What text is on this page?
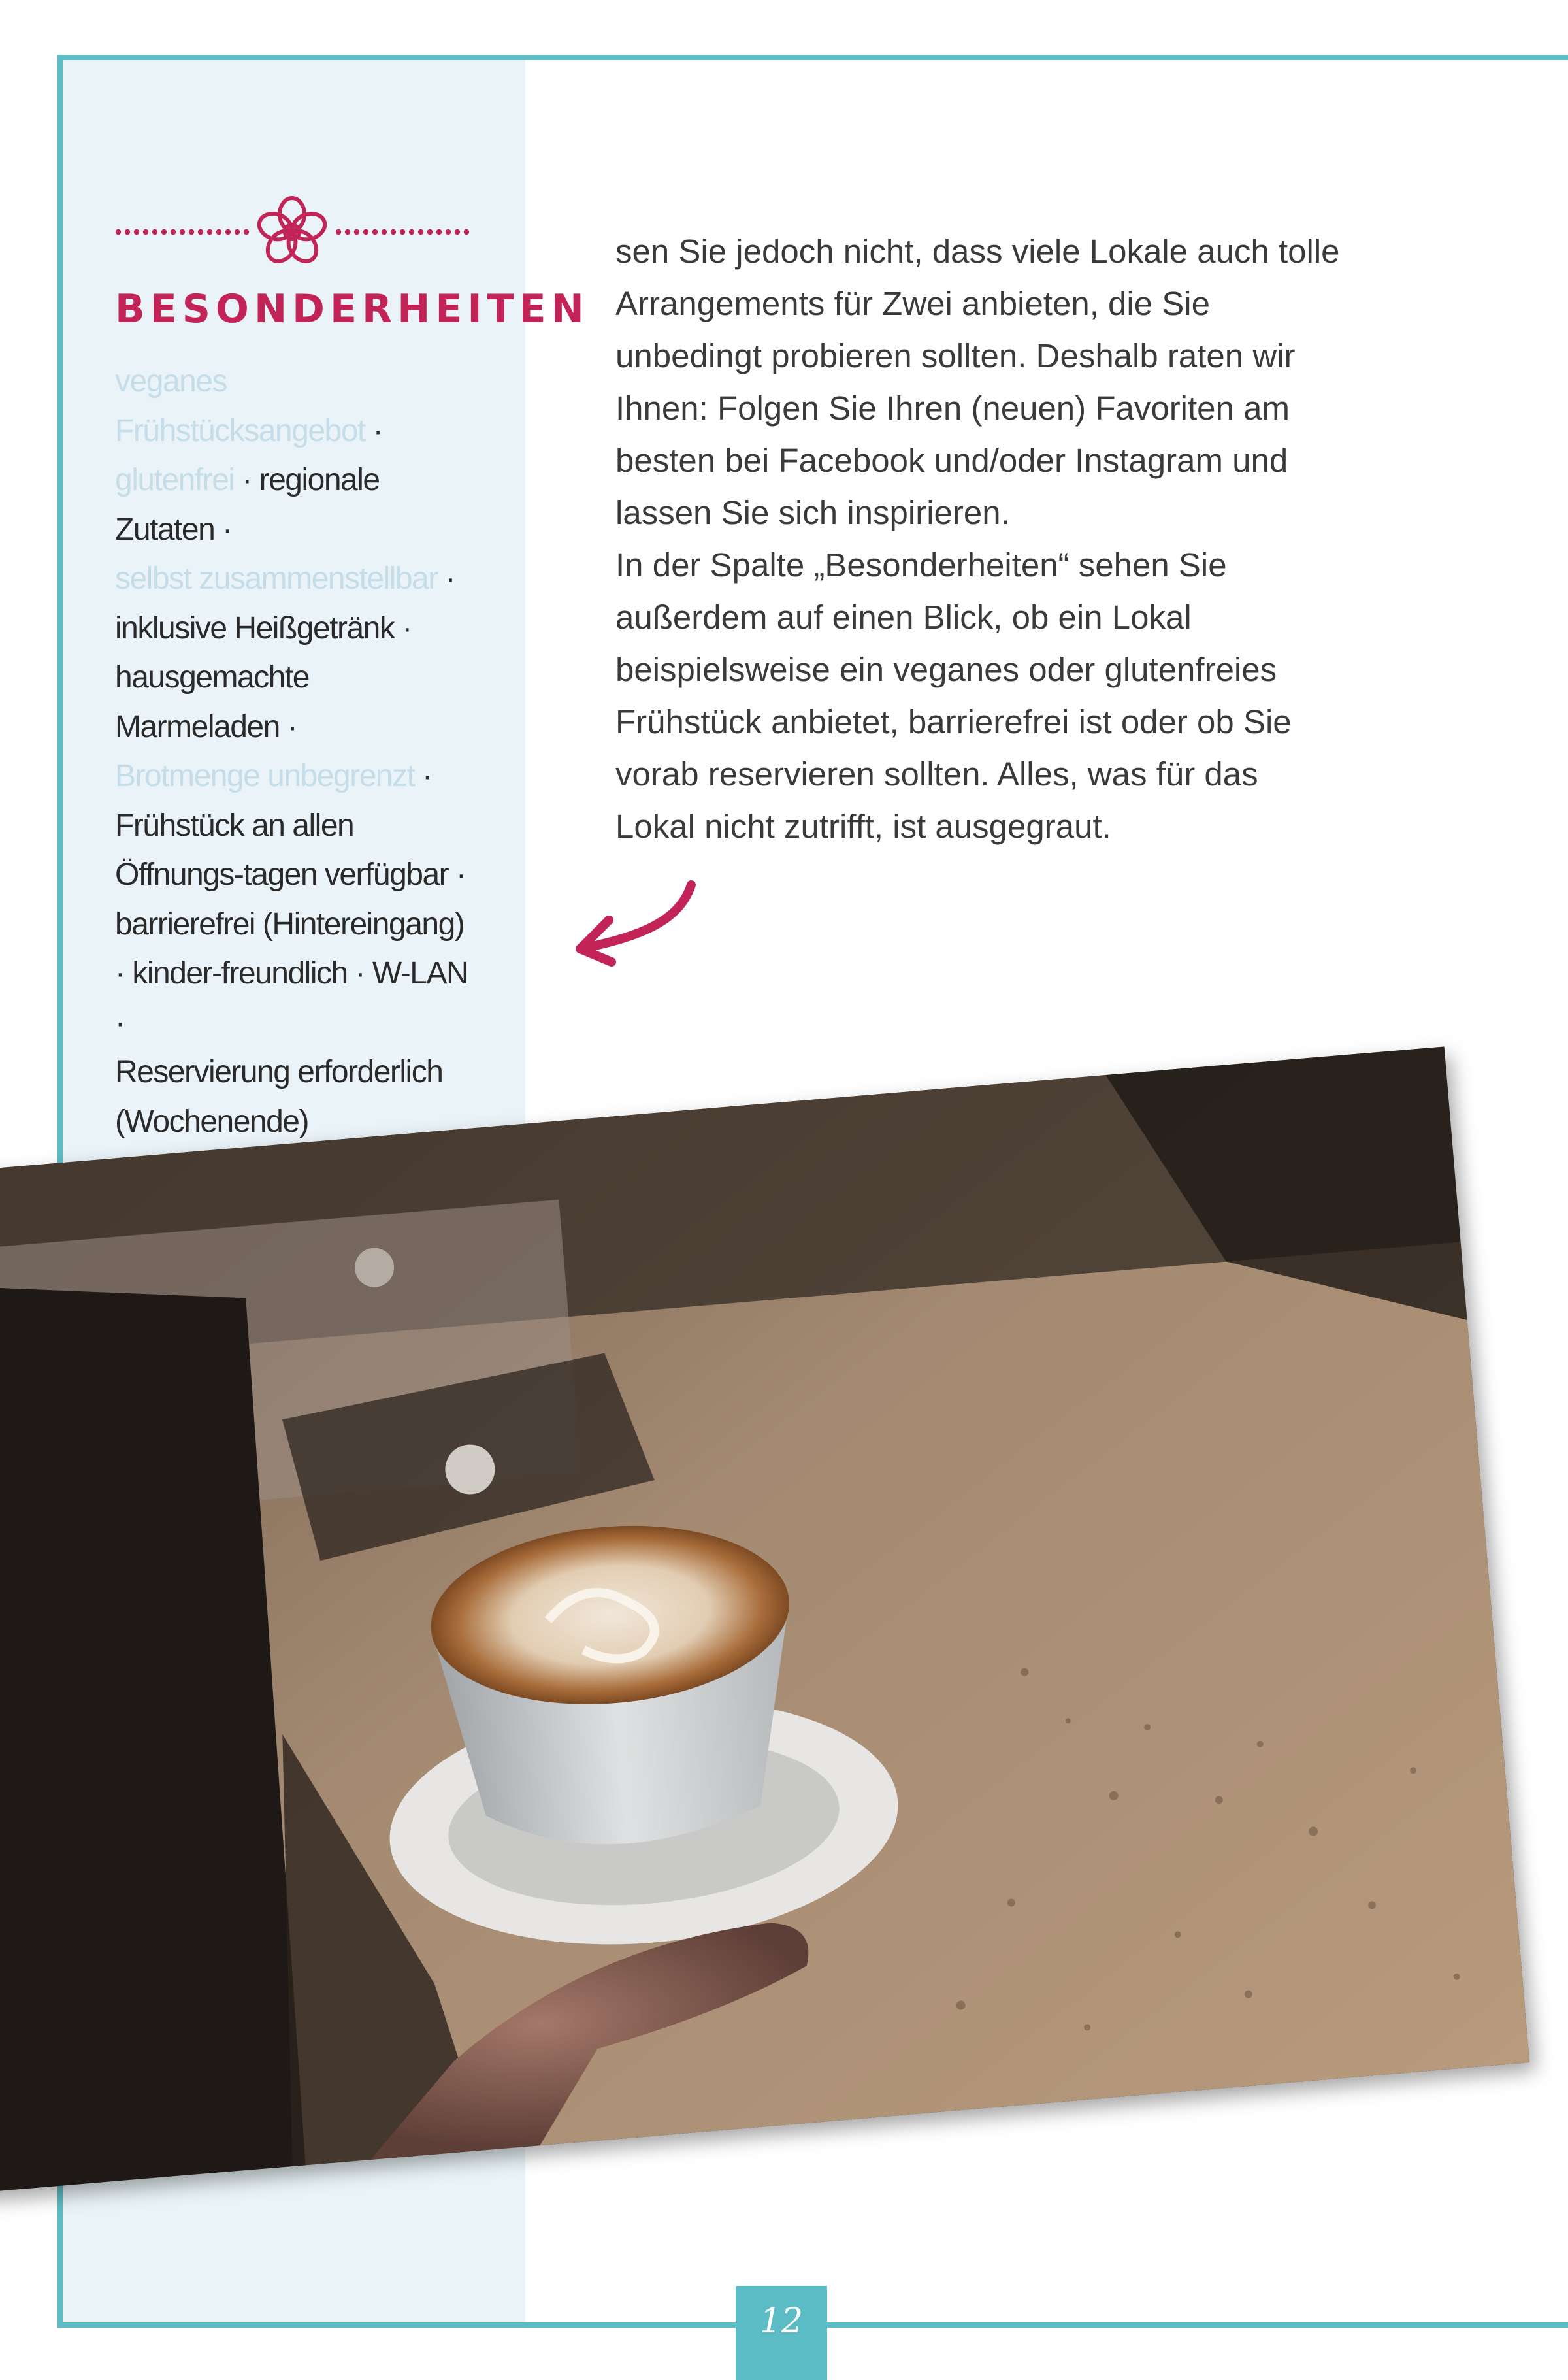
BESONDERHEITEN
veganes Frühstücksangebot ·
glutenfrei · regionale Zutaten ·
selbst zusammenstellbar ·
inklusive Heißgetränk ·
hausgemachte Marmeladen ·
Brotmenge unbegrenzt ·
Frühstück an allen Öffnungs-tagen verfügbar · barrierefrei (Hintereingang) · kinder-freundlich · W-LAN ·
Reservierung erforderlich (Wochenende)

sen Sie jedoch nicht, dass viele Lokale auch tolle Arrangements für Zwei anbieten, die Sie unbedingt probieren sollten. Deshalb raten wir Ihnen: Folgen Sie Ihren (neuen) Favoriten am besten bei Facebook und/oder Instagram und lassen Sie sich inspirieren.

In der Spalte „Besonderheiten“ sehen Sie außerdem auf einen Blick, ob ein Lokal beispielsweise ein veganes oder glutenfreies Frühstück anbietet, barrierefrei ist oder ob Sie vorab reservieren sollten. Alles, was für das Lokal nicht zutrifft, ist ausgegraut.

12
